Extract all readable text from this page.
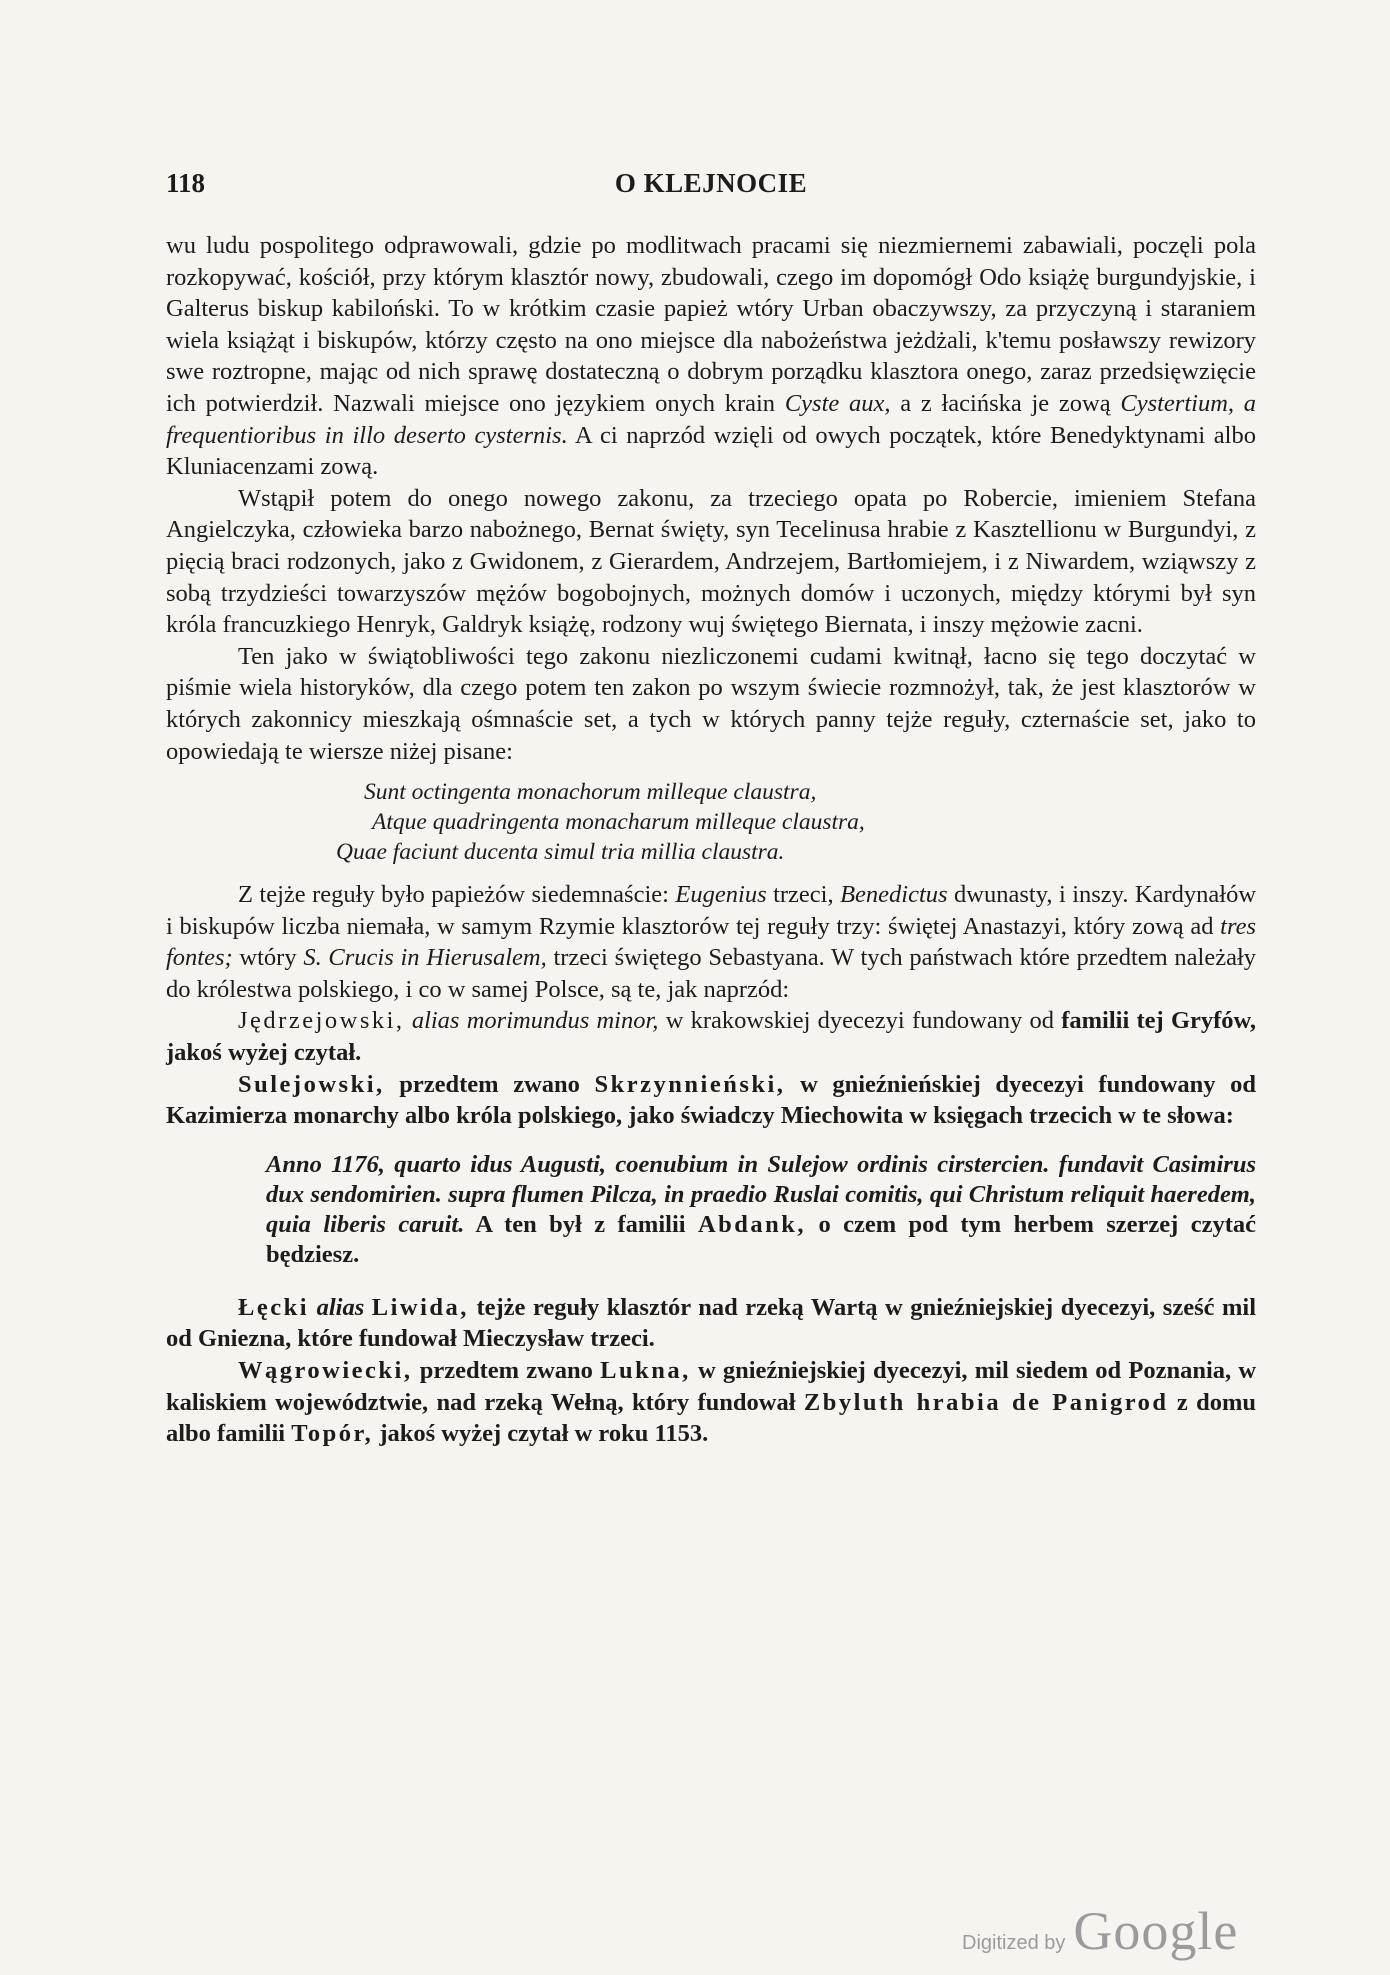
118	O KLEJNOCIE

wu ludu pospolitego odprawowali, gdzie po modlitwach pracami się niezmiernemi zabawiali, poczęli pola rozkopywać, kościół, przy którym klasztór nowy, zbudowali, czego im dopomógł Odo książę burgundyjskie, i Galterus biskup kabiloński. To w krótkim czasie papież wtóry Urban obaczywszy, za przyczyną i staraniem wiela książąt i biskupów, którzy często na ono miejsce dla nabożeństwa jeżdżali, k'temu posławszy rewizory swe roztropne, mając od nich sprawę dostateczną o dobrym porządku klasztora onego, zaraz przedsięwzięcie ich potwierdził. Nazwali miejsce ono językiem onych krain Cyste aux, a z łacińska je zową Cystertium, a frequentioribus in illo deserto cysternis. A ci naprzód wzięli od owych początek, które Benedyktynami albo Kluniacenzami zową.

Wstąpił potem do onego nowego zakonu, za trzeciego opata po Robercie, imieniem Stefana Angielczyka, człowieka barzo nabożnego, Bernat święty, syn Tecelinusa hrabie z Kasztellionu w Burgundyi, z pięcią braci rodzonych, jako z Gwidonem, z Gierardem, Andrzejem, Bartłomiejem, i z Niwardem, wziąwszy z sobą trzydzieści towarzyszów mężów bogobojnych, możnych domów i uczonych, między którymi był syn króla francuzkiego Henryk, Galdryk książę, rodzony wuj świętego Biernata, i inszy mężowie zacni.

Ten jako w świątobliwości tego zakonu niezliczonemi cudami kwitnął, łacno się tego doczytać w piśmie wiela historyków, dla czego potem ten zakon po wszym świecie rozmnożył, tak, że jest klasztorów w których zakonnicy mieszkają ośmnaście set, a tych w których panny tejże reguły, czternaście set, jako to opowiedają te wiersze niżej pisane:

Sunt octingenta monachorum milleque claustra,
Atque quadringenta monacharum milleque claustra,
Quae faciunt ducenta simul tria millia claustra.

Z tejże reguły było papieżów siedemnaście: Eugenius trzeci, Benedictus dwunasty, i inszy. Kardynałów i biskupów liczba niemała, w samym Rzymie klasztorów tej reguły trzy: świętej Anastazyi, który zową ad tres fontes; wtóry S. Crucis in Hierusalem, trzeci świętego Sebastyana. W tych państwach które przedtem należały do królestwa polskiego, i co w samej Polsce, są te, jak naprzód:

Jędrzejowski, alias morimundus minor, w krakowskiej dyecezyi fundowany od familii tej Gryfów, jakoś wyżej czytał.

Sulejowski, przedtem zwano Skrzynnieński, w gnieźnieńskiej dyecezyi fundowany od Kazimierza monarchy albo króla polskiego, jako świadczy Miechowita w księgach trzecich w te słowa:

Anno 1176, quarto idus Augusti, coenubium in Sulejow ordinis cirstercien. fundavit Casimirus dux sendomirien. supra flumen Pilcza, in praedio Ruslai comitis, qui Christum reliquit haeredem, quia liberis caruit. A ten był z familii Abdank, o czem pod tym herbem szerzej czytać będziesz.

Łęcki alias Liwida, tejże reguły klasztór nad rzeką Wartą w gnieźniejskiej dyecezyi, sześć mil od Gniezna, które fundował Mieczysław trzeci.

Wągrowiecki, przedtem zwano Lukna, w gnieźniejskiej dyecezyi, mil siedem od Poznania, w kaliskiem województwie, nad rzeką Wełną, który fundował Zbyluth hrabia de Panigrod z domu albo familii Topór, jakoś wyżej czytał w roku 1153.

Digitized by Google
